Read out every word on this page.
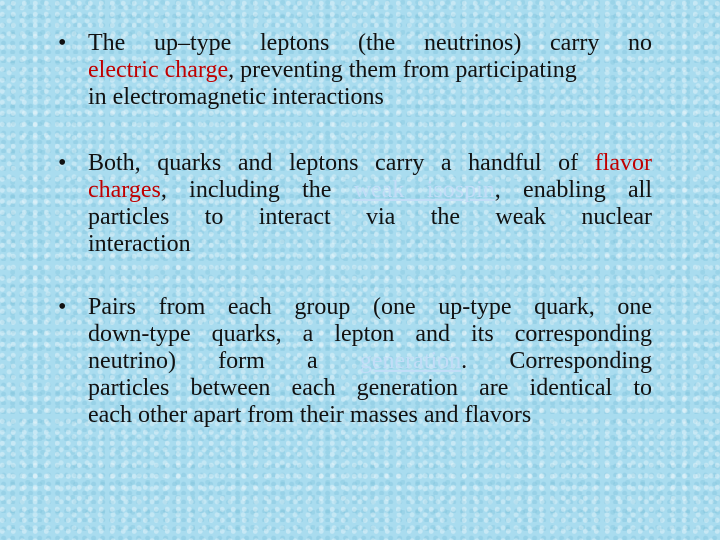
• The up–type leptons (the neutrinos) carry no
electric charge, preventing them from participating
in electromagnetic interactions
• Both, quarks and leptons carry a handful of flavor
charges, including the weak isospin, enabling all
particles to interact via the weak nuclear
interaction
• Pairs from each group (one up-type quark, one
down-type quarks, a lepton and its corresponding
neutrino) form a generation. Corresponding
particles between each generation are identical to
each other apart from their masses and flavors
